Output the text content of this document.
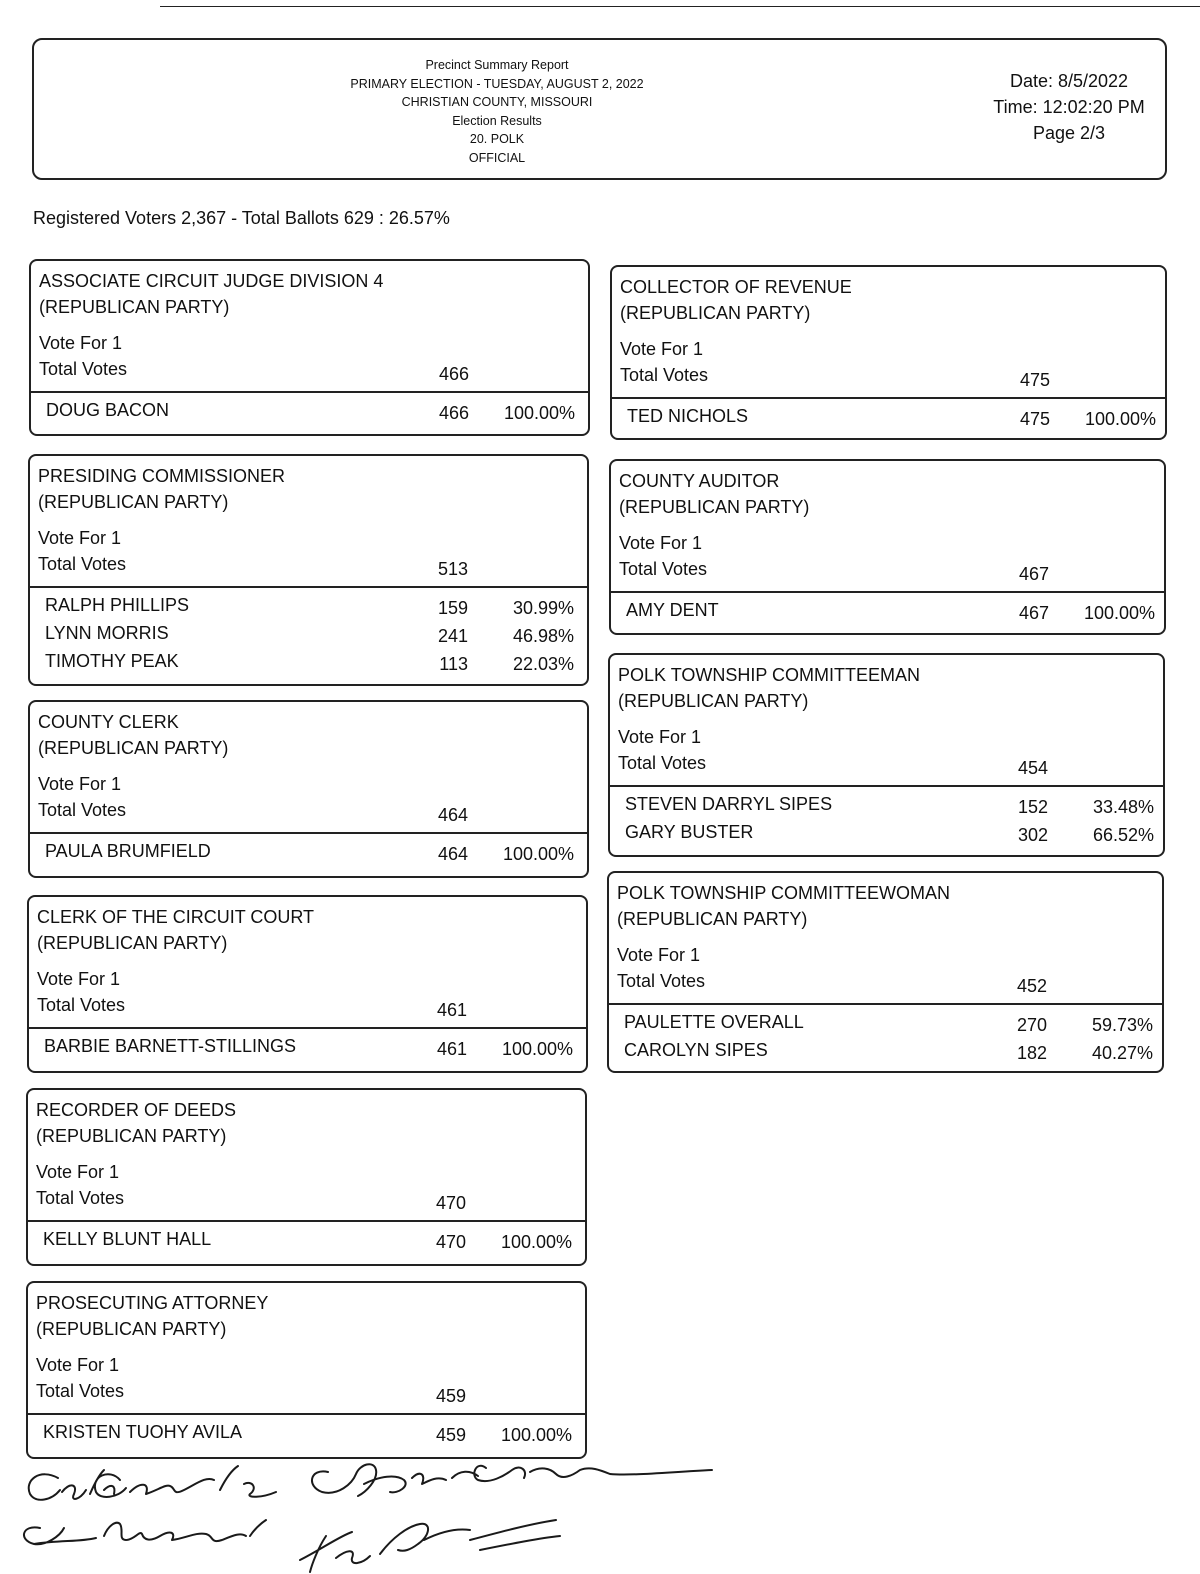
Precinct Summary Report
PRIMARY ELECTION - TUESDAY, AUGUST 2, 2022
CHRISTIAN COUNTY, MISSOURI
Election Results
20. POLK
OFFICIAL
Date: 8/5/2022
Time: 12:02:20 PM
Page 2/3
Registered Voters 2,367 - Total Ballots 629 : 26.57%
ASSOCIATE CIRCUIT JUDGE DIVISION 4
(REPUBLICAN PARTY)
Vote For 1
Total Votes	466
DOUG BACON	466	100.00%
PRESIDING COMMISSIONER
(REPUBLICAN PARTY)
Vote For 1
Total Votes	513
RALPH PHILLIPS	159	30.99%
LYNN MORRIS	241	46.98%
TIMOTHY PEAK	113	22.03%
COUNTY CLERK
(REPUBLICAN PARTY)
Vote For 1
Total Votes	464
PAULA BRUMFIELD	464	100.00%
CLERK OF THE CIRCUIT COURT
(REPUBLICAN PARTY)
Vote For 1
Total Votes	461
BARBIE BARNETT-STILLINGS	461	100.00%
RECORDER OF DEEDS
(REPUBLICAN PARTY)
Vote For 1
Total Votes	470
KELLY BLUNT HALL	470	100.00%
PROSECUTING ATTORNEY
(REPUBLICAN PARTY)
Vote For 1
Total Votes	459
KRISTEN TUOHY AVILA	459	100.00%
COLLECTOR OF REVENUE
(REPUBLICAN PARTY)
Vote For 1
Total Votes	475
TED NICHOLS	475	100.00%
COUNTY AUDITOR
(REPUBLICAN PARTY)
Vote For 1
Total Votes	467
AMY DENT	467	100.00%
POLK TOWNSHIP COMMITTEEMAN
(REPUBLICAN PARTY)
Vote For 1
Total Votes	454
STEVEN DARRYL SIPES	152	33.48%
GARY BUSTER	302	66.52%
POLK TOWNSHIP COMMITTEEWOMAN
(REPUBLICAN PARTY)
Vote For 1
Total Votes	452
PAULETTE OVERALL	270	59.73%
CAROLYN SIPES	182	40.27%
